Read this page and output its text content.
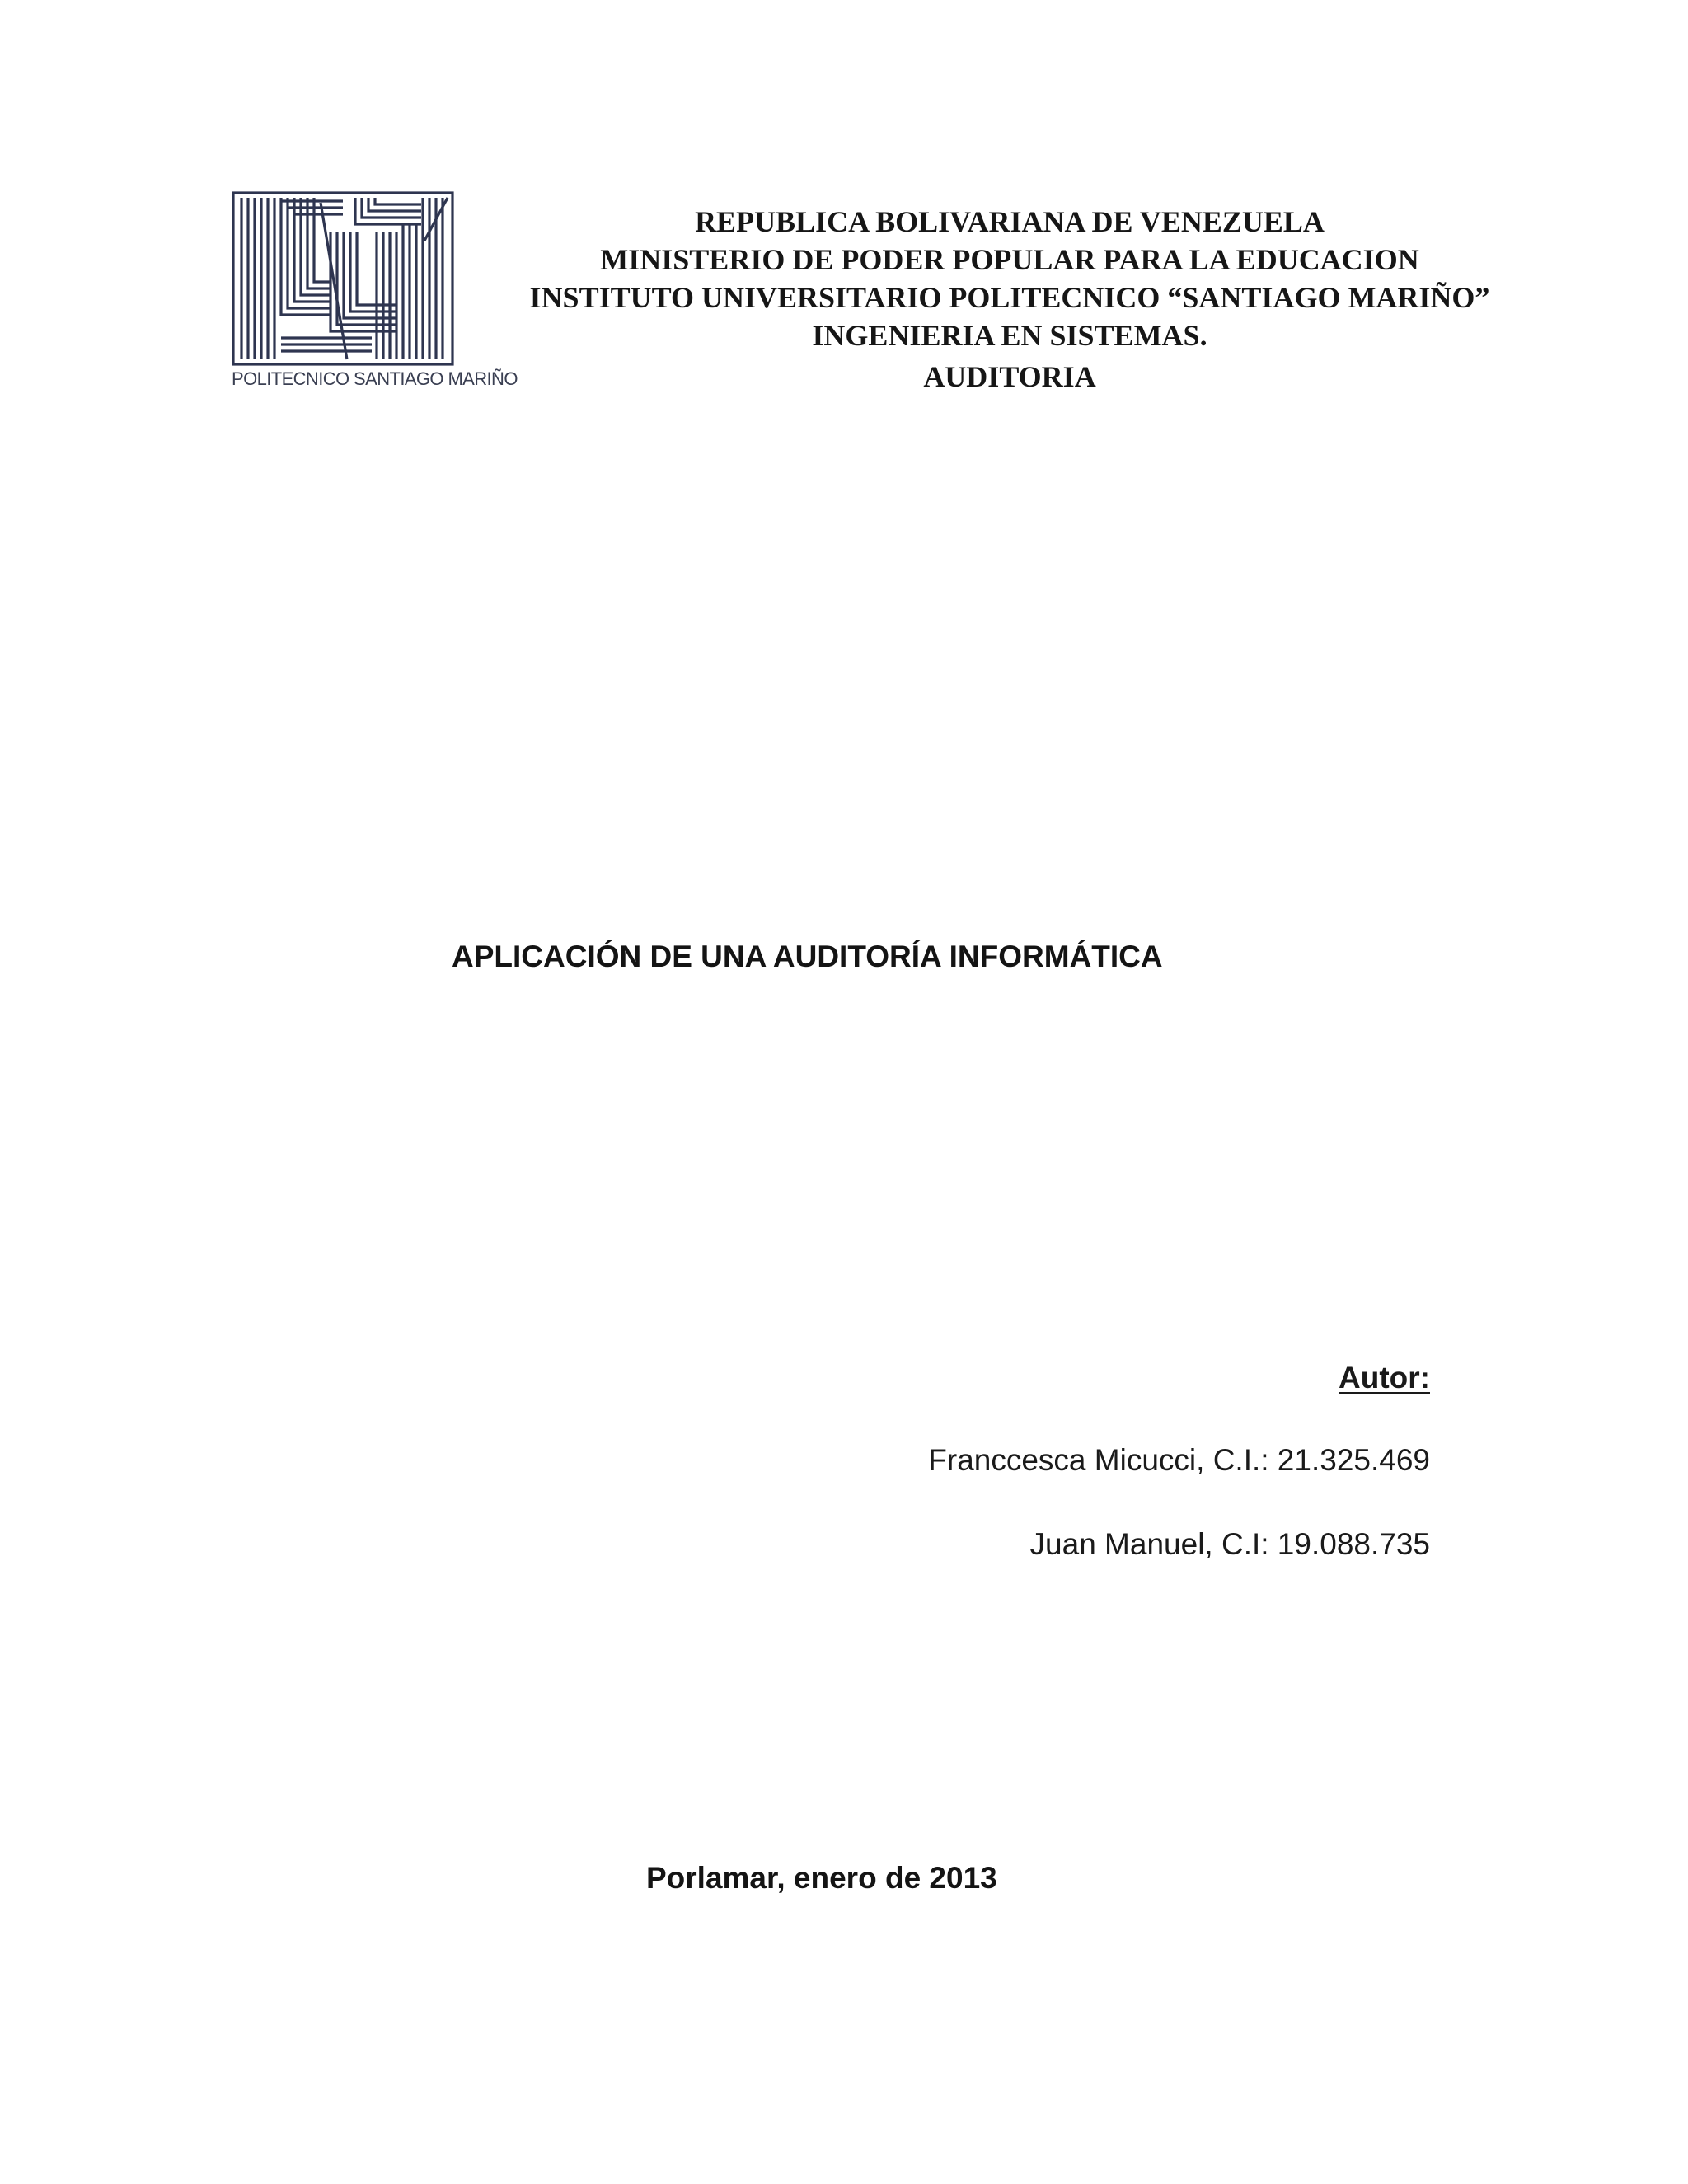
POLITECNICO SANTIAGO MARIÑO
REPUBLICA BOLIVARIANA DE VENEZUELA
MINISTERIO DE PODER POPULAR PARA LA EDUCACION
INSTITUTO UNIVERSITARIO POLITECNICO “SANTIAGO MARIÑO”
INGENIERIA EN SISTEMAS.
AUDITORIA
APLICACIÓN DE UNA AUDITORÍA INFORMÁTICA
Autor:
Franccesca Micucci, C.I.: 21.325.469
Juan Manuel, C.I: 19.088.735
Porlamar, enero de 2013
